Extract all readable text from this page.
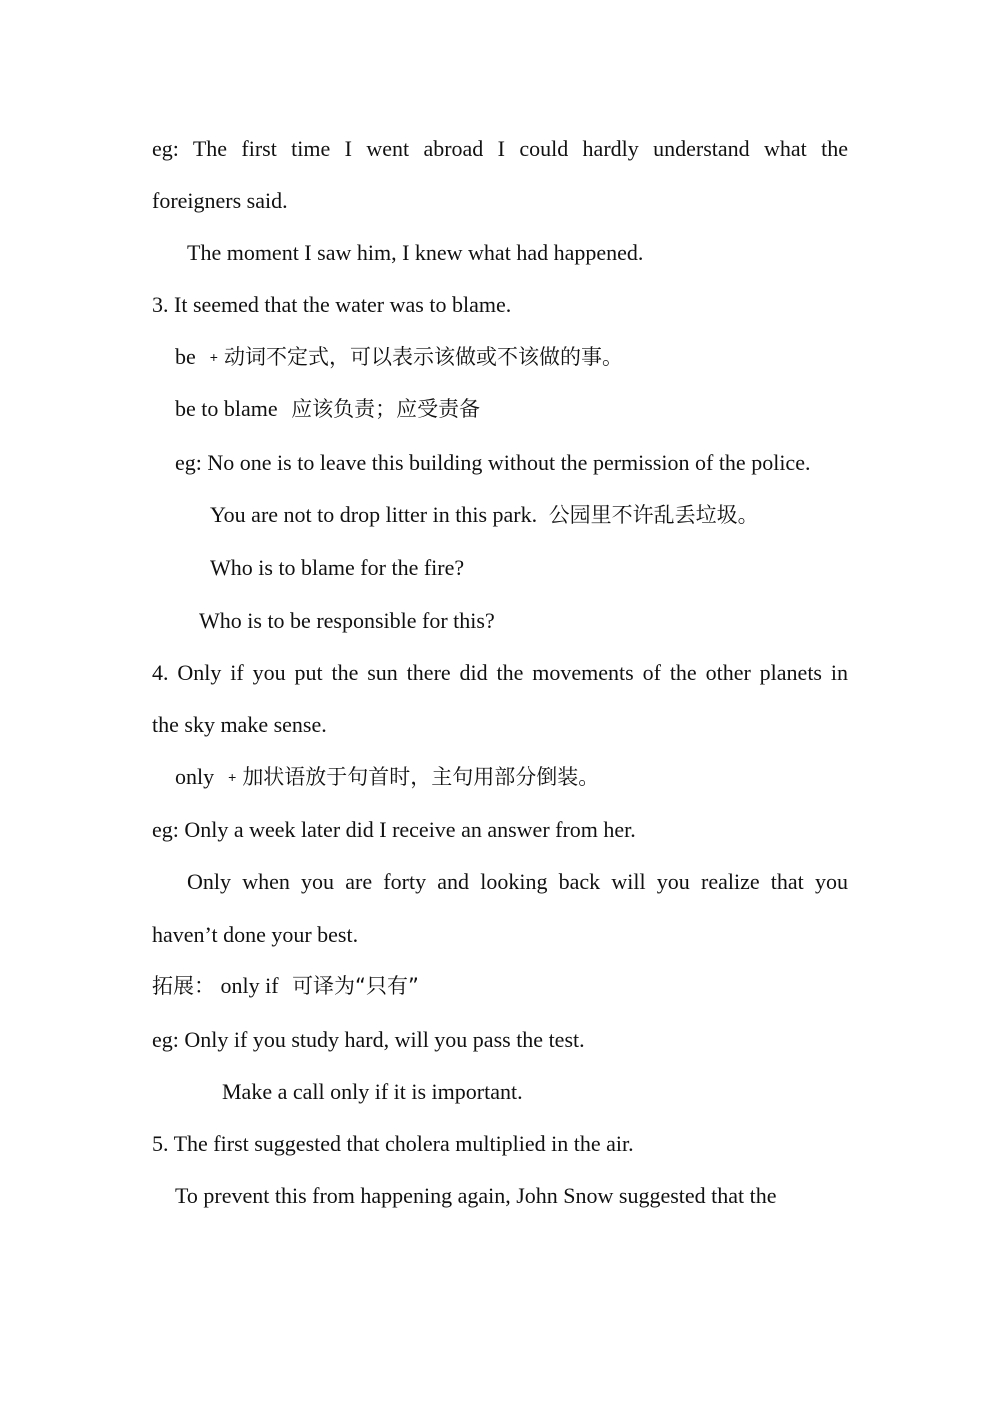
eg: The first time I went abroad I could hardly understand what the
foreigners said.
The moment I saw him, I knew what had happened.
3. It seemed that the water was to blame.
be + 动词不定式，可以表示该做或不该做的事。
be to blame 应该负责；应受责备
eg: No one is to leave this building without the permission of the police.
You are not to drop litter in this park. 公园里不许乱丢垃圾。
Who is to blame for the fire?
Who is to be responsible for this?
4. Only if you put the sun there did the movements of the other planets in
the sky make sense.
only + 加状语放于句首时，主句用部分倒装。
eg: Only a week later did I receive an answer from her.
Only when you are forty and looking back will you realize that you
haven’t done your best.
拓展： only if 可译为“只有”
eg: Only if you study hard, will you pass the test.
Make a call only if it is important.
5. The first suggested that cholera multiplied in the air.
To prevent this from happening again, John Snow suggested that the
